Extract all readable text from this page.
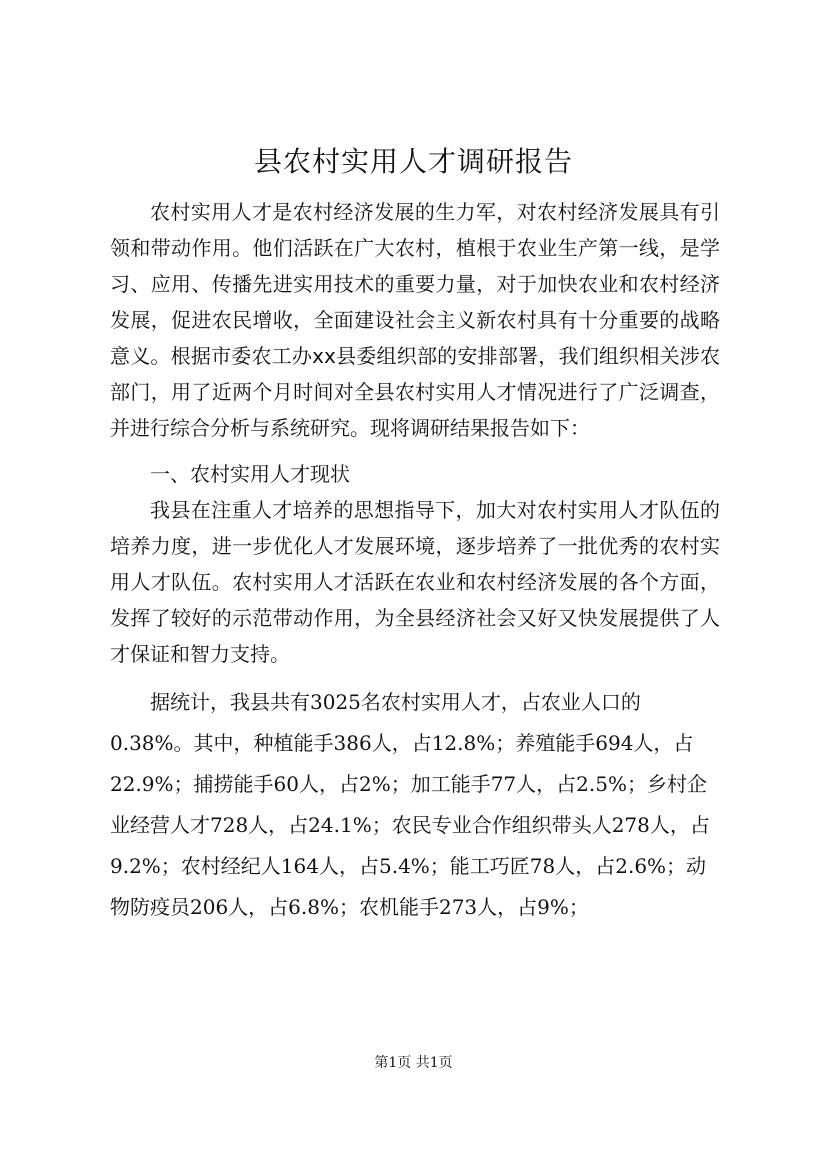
县农村实用人才调研报告

农村实用人才是农村经济发展的生力军，对农村经济发展具有引领和带动作用。他们活跃在广大农村，植根于农业生产第一线，是学习、应用、传播先进实用技术的重要力量，对于加快农业和农村经济发展，促进农民增收，全面建设社会主义新农村具有十分重要的战略意义。根据市委农工办xx县委组织部的安排部署，我们组织相关涉农部门，用了近两个月时间对全县农村实用人才情况进行了广泛调查，并进行综合分析与系统研究。现将调研结果报告如下：

一、农村实用人才现状

我县在注重人才培养的思想指导下，加大对农村实用人才队伍的培养力度，进一步优化人才发展环境，逐步培养了一批优秀的农村实用人才队伍。农村实用人才活跃在农业和农村经济发展的各个方面，发挥了较好的示范带动作用，为全县经济社会又好又快发展提供了人才保证和智力支持。

据统计，我县共有3025名农村实用人才，占农业人口的0.38%。其中，种植能手386人，占12.8%；养殖能手694人，占22.9%；捕捞能手60人，占2%；加工能手77人，占2.5%；乡村企业经营人才728人，占24.1%；农民专业合作组织带头人278人，占9.2%；农村经纪人164人，占5.4%；能工巧匠78人，占2.6%；动物防疫员206人，占6.8%；农机能手273人，占9%；

第1页 共1页
